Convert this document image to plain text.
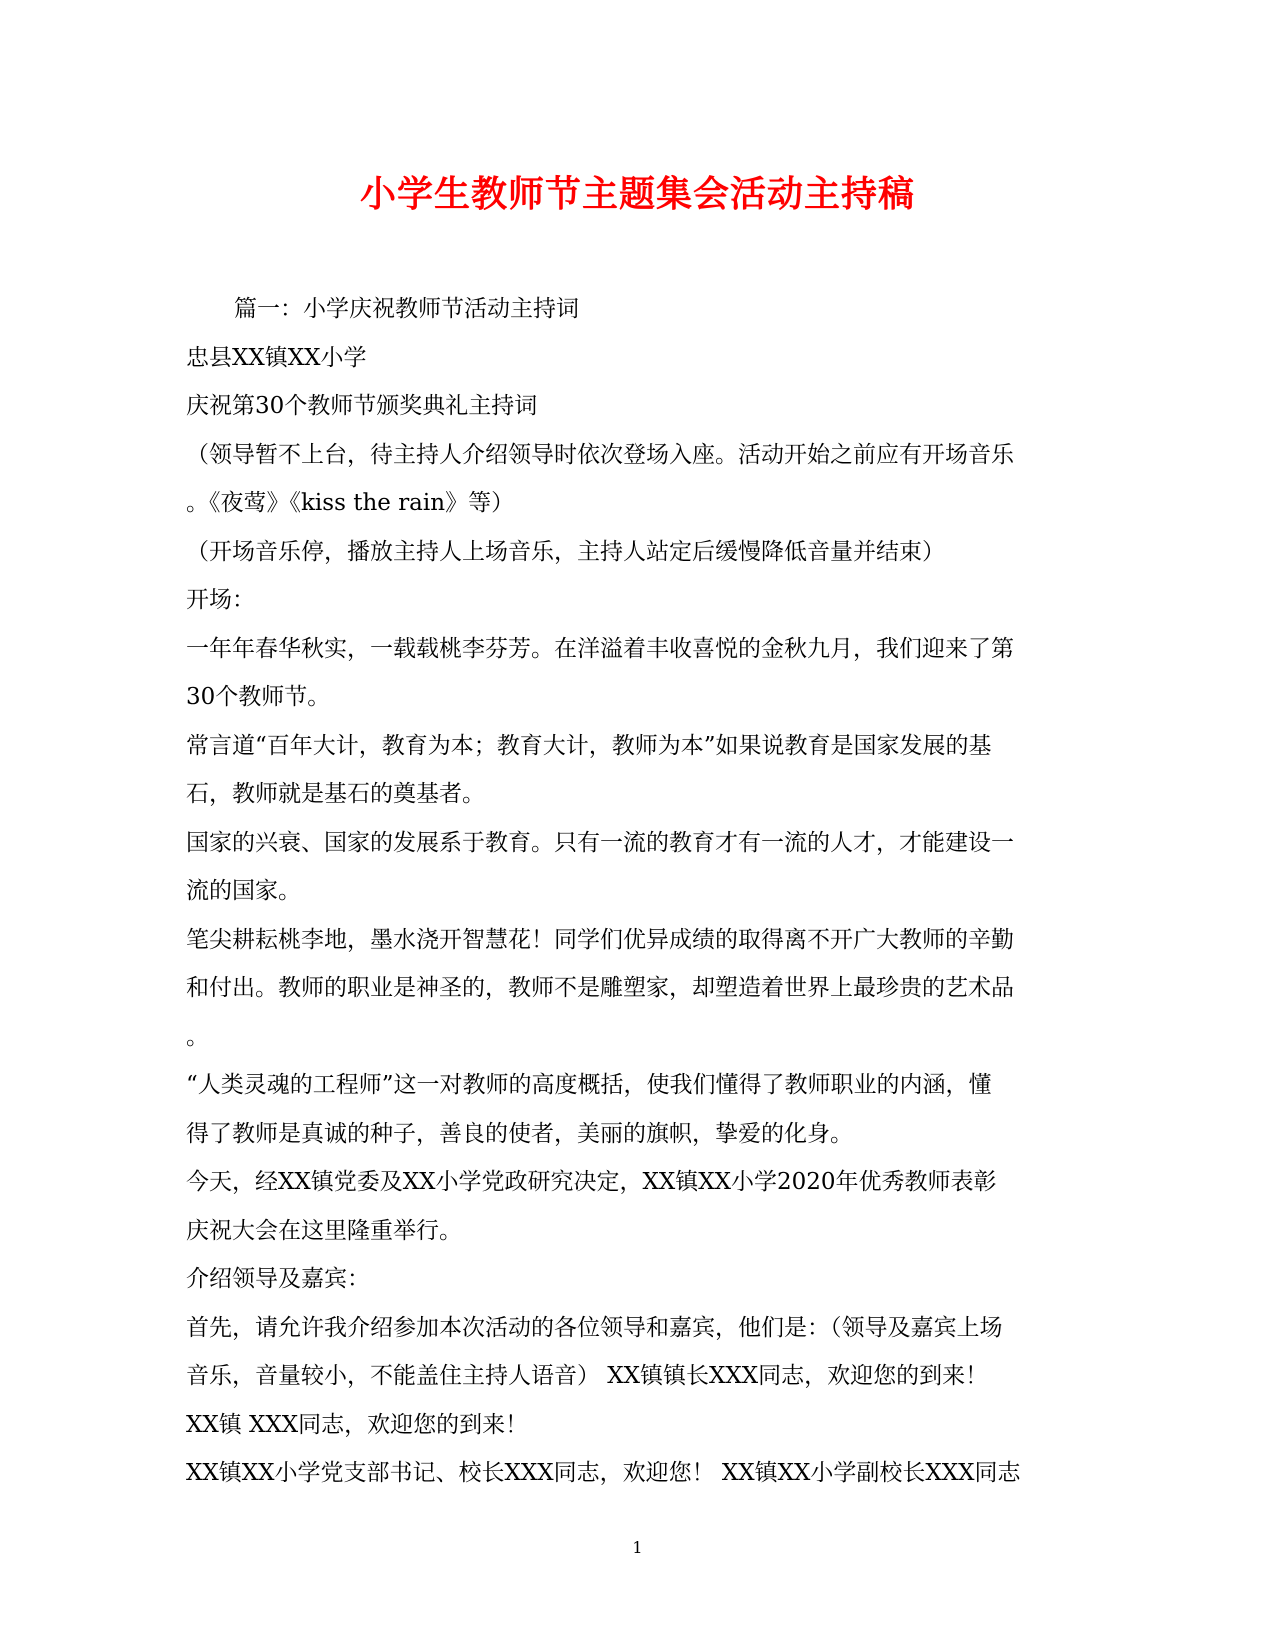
小学生教师节主题集会活动主持稿
篇一：小学庆祝教师节活动主持词
忠县XX镇XX小学
庆祝第30个教师节颁奖典礼主持词
（领导暂不上台，待主持人介绍领导时依次登场入座。活动开始之前应有开场音乐
。《夜莺》《kiss the rain》等）
（开场音乐停，播放主持人上场音乐，主持人站定后缓慢降低音量并结束）
开场：
一年年春华秋实，一载载桃李芬芳。在洋溢着丰收喜悦的金秋九月，我们迎来了第
30个教师节。
常言道“百年大计，教育为本；教育大计，教师为本”如果说教育是国家发展的基
石，教师就是基石的奠基者。
国家的兴衰、国家的发展系于教育。只有一流的教育才有一流的人才，才能建设一
流的国家。
笔尖耕耘桃李地，墨水浇开智慧花！同学们优异成绩的取得离不开广大教师的辛勤
和付出。教师的职业是神圣的，教师不是雕塑家，却塑造着世界上最珍贵的艺术品
。
“人类灵魂的工程师”这一对教师的高度概括，使我们懂得了教师职业的内涵，懂
得了教师是真诚的种子，善良的使者，美丽的旗帜，挚爱的化身。
今天，经XX镇党委及XX小学党政研究决定，XX镇XX小学2020年优秀教师表彰
庆祝大会在这里隆重举行。
介绍领导及嘉宾：
首先，请允许我介绍参加本次活动的各位领导和嘉宾，他们是：（领导及嘉宾上场
音乐，音量较小，不能盖住主持人语音） XX镇镇长XXX同志，欢迎您的到来！
XX镇 XXX同志，欢迎您的到来！
XX镇XX小学党支部书记、校长XXX同志，欢迎您！ XX镇XX小学副校长XXX同志
1
